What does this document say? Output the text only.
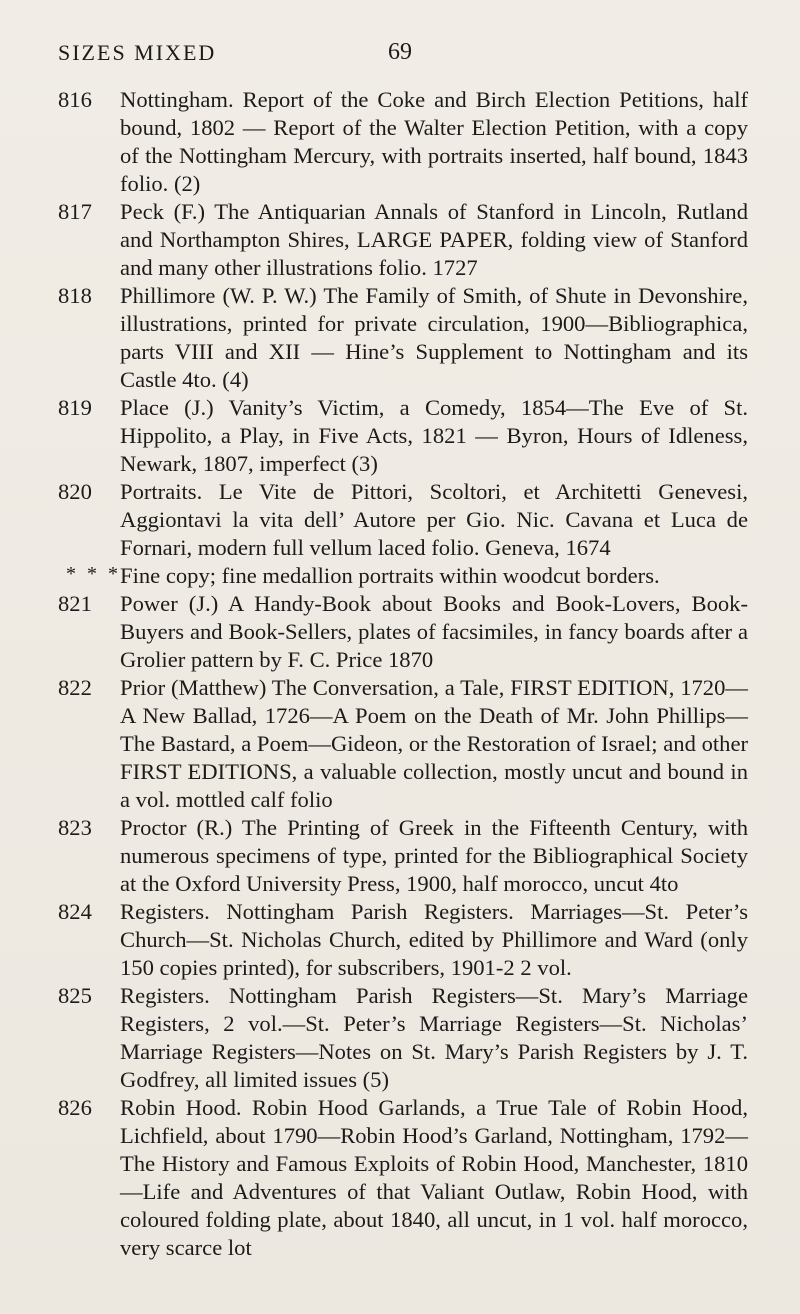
SIZES MIXED	69
816	Nottingham. Report of the Coke and Birch Election Petitions, half bound, 1802 — Report of the Walter Election Petition, with a copy of the Nottingham Mercury, with portraits inserted, half bound, 1843 folio. (2)
817	Peck (F.) The Antiquarian Annals of Stanford in Lincoln, Rutland and Northampton Shires, LARGE PAPER, folding view of Stanford and many other illustrations folio. 1727
818	Phillimore (W. P. W.) The Family of Smith, of Shute in Devonshire, illustrations, printed for private circulation, 1900—Bibliographica, parts VIII and XII — Hine’s Supplement to Nottingham and its Castle 4to. (4)
819	Place (J.) Vanity’s Victim, a Comedy, 1854—The Eve of St. Hippolito, a Play, in Five Acts, 1821 — Byron, Hours of Idleness, Newark, 1807, imperfect (3)
820	Portraits. Le Vite de Pittori, Scoltori, et Architetti Genevesi, Aggiontavi la vita dell’ Autore per Gio. Nic. Cavana et Luca de Fornari, modern full vellum laced folio. Geneva, 1674
* * * Fine copy; fine medallion portraits within woodcut borders.
821	Power (J.) A Handy-Book about Books and Book-Lovers, Book-Buyers and Book-Sellers, plates of facsimiles, in fancy boards after a Grolier pattern by F. C. Price 1870
822	Prior (Matthew) The Conversation, a Tale, FIRST EDITION, 1720—A New Ballad, 1726—A Poem on the Death of Mr. John Phillips—The Bastard, a Poem—Gideon, or the Restoration of Israel; and other FIRST EDITIONS, a valuable collection, mostly uncut and bound in a vol. mottled calf folio
823	Proctor (R.) The Printing of Greek in the Fifteenth Century, with numerous specimens of type, printed for the Bibliographical Society at the Oxford University Press, 1900, half morocco, uncut 4to
824	Registers. Nottingham Parish Registers. Marriages—St. Peter’s Church—St. Nicholas Church, edited by Phillimore and Ward (only 150 copies printed), for subscribers, 1901-2 2 vol.
825	Registers. Nottingham Parish Registers—St. Mary’s Marriage Registers, 2 vol.—St. Peter’s Marriage Registers—St. Nicholas’ Marriage Registers—Notes on St. Mary’s Parish Registers by J. T. Godfrey, all limited issues (5)
826	Robin Hood. Robin Hood Garlands, a True Tale of Robin Hood, Lichfield, about 1790—Robin Hood’s Garland, Nottingham, 1792—The History and Famous Exploits of Robin Hood, Manchester, 1810—Life and Adventures of that Valiant Outlaw, Robin Hood, with coloured folding plate, about 1840, all uncut, in 1 vol. half morocco, very scarce lot
